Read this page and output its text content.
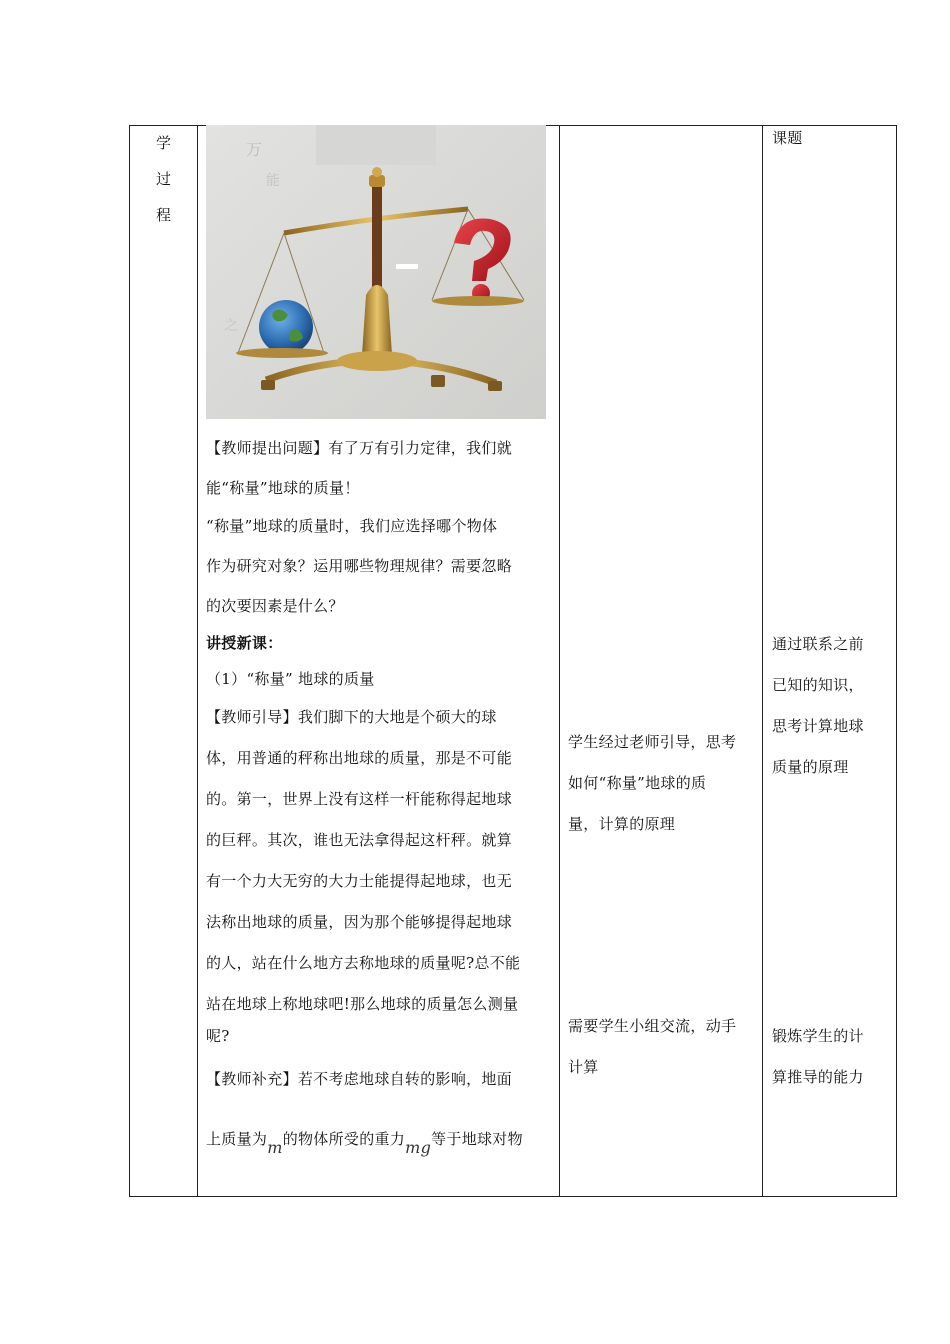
学
过
程
万
能
之
【教师提出问题】有了万有引力定律，我们就
能“称量”地球的质量！
“称量”地球的质量时，我们应选择哪个物体
作为研究对象？运用哪些物理规律？需要忽略
的次要因素是什么？
讲授新课：
（1）“称量” 地球的质量
【教师引导】我们脚下的大地是个硕大的球
体，用普通的秤称出地球的质量，那是不可能
的。第一，世界上没有这样一杆能称得起地球
的巨秤。其次，谁也无法拿得起这杆秤。就算
有一个力大无穷的大力士能提得起地球，也无
法称出地球的质量，因为那个能够提得起地球
的人，站在什么地方去称地球的质量呢?总不能
站在地球上称地球吧!那么地球的质量怎么测量
呢?
【教师补充】若不考虑地球自转的影响，地面
上质量为m的物体所受的重力mg等于地球对物
学生经过老师引导，思考
如何“称量”地球的质
量，计算的原理
需要学生小组交流，动手
计算
课题
通过联系之前
已知的知识，
思考计算地球
质量的原理
锻炼学生的计
算推导的能力
